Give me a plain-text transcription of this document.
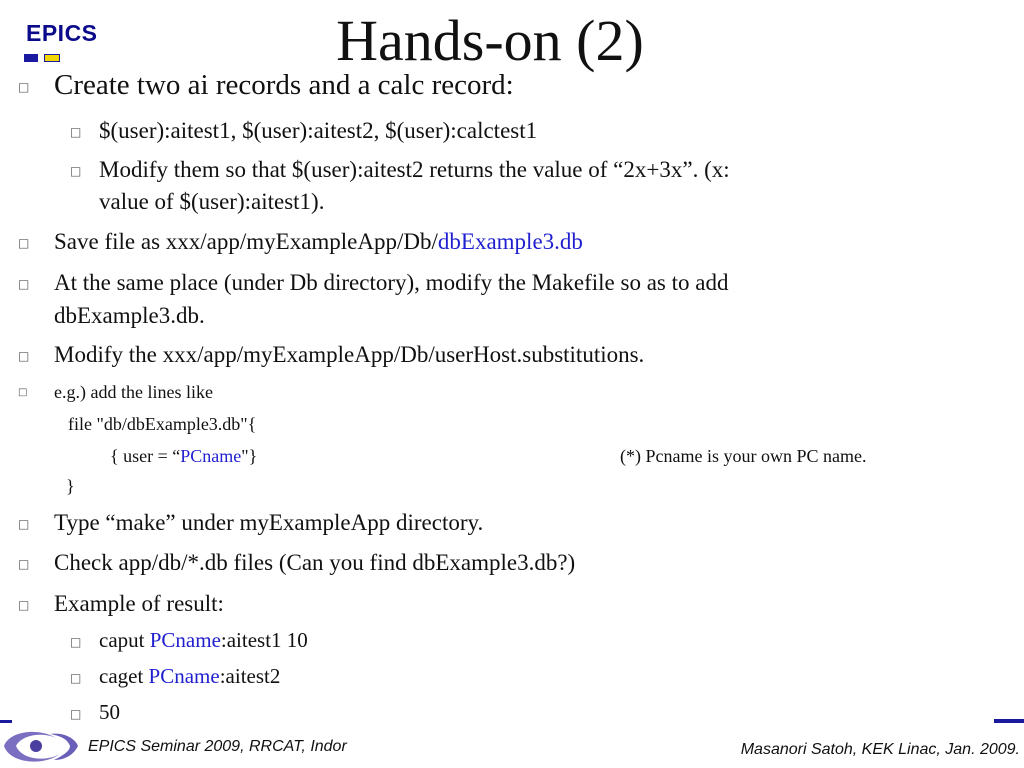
EPICS	Hands-on (2)
□ Create two ai records and a calc record:
□ $(user):aitest1, $(user):aitest2, $(user):calctest1
□ Modify them so that $(user):aitest2 returns the value of “2x+3x”. (x:
value of $(user):aitest1).
□ Save file as xxx/app/myExampleApp/Db/dbExample3.db
□ At the same place (under Db directory), modify the Makefile so as to add
dbExample3.db.
□ Modify the xxx/app/myExampleApp/Db/userHost.substitutions.
□ e.g.) add the lines like
file "db/dbExample3.db"{
{ user = “PCname"}	(*) Pcname is your own PC name.
}
□ Type “make” under myExampleApp directory.
□ Check app/db/*.db files (Can you find dbExample3.db?)
□ Example of result:
□ caput PCname:aitest1 10
□ caget PCname:aitest2
□ 50
EPICS Seminar 2009, RRCAT, Indor	Masanori Satoh, KEK Linac, Jan. 2009.
